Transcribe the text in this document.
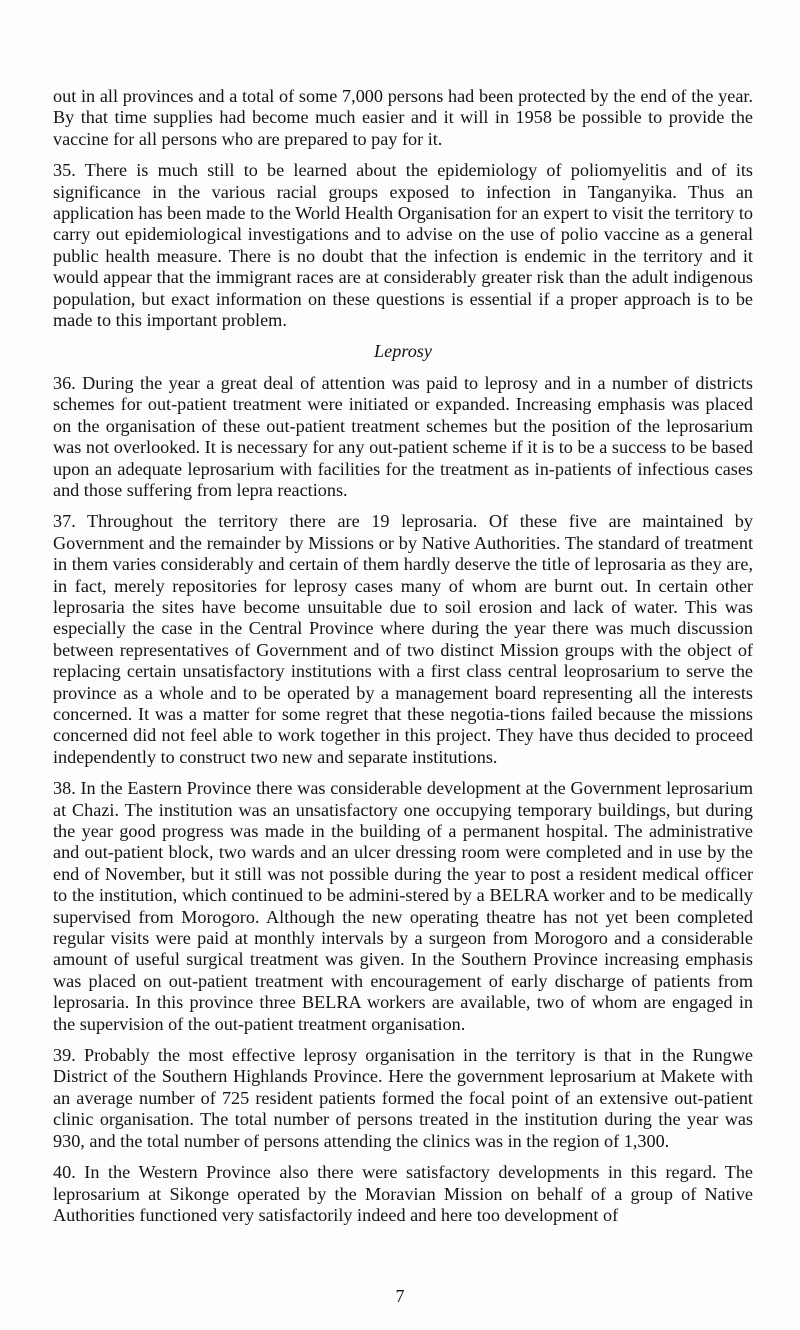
out in all provinces and a total of some 7,000 persons had been protected by the end of the year. By that time supplies had become much easier and it will in 1958 be possible to provide the vaccine for all persons who are prepared to pay for it.

35. There is much still to be learned about the epidemiology of poliomyelitis and of its significance in the various racial groups exposed to infection in Tanganyika. Thus an application has been made to the World Health Organisation for an expert to visit the territory to carry out epidemiological investigations and to advise on the use of polio vaccine as a general public health measure. There is no doubt that the infection is endemic in the territory and it would appear that the immigrant races are at considerably greater risk than the adult indigenous population, but exact information on these questions is essential if a proper approach is to be made to this important problem.

Leprosy

36. During the year a great deal of attention was paid to leprosy and in a number of districts schemes for out-patient treatment were initiated or expanded. Increasing emphasis was placed on the organisation of these out-patient treatment schemes but the position of the leprosarium was not overlooked. It is necessary for any out-patient scheme if it is to be a success to be based upon an adequate leprosarium with facilities for the treatment as in-patients of infectious cases and those suffering from lepra reactions.

37. Throughout the territory there are 19 leprosaria. Of these five are maintained by Government and the remainder by Missions or by Native Authorities. The standard of treatment in them varies considerably and certain of them hardly deserve the title of leprosaria as they are, in fact, merely repositories for leprosy cases many of whom are burnt out. In certain other leprosaria the sites have become unsuitable due to soil erosion and lack of water. This was especially the case in the Central Province where during the year there was much discussion between representatives of Government and of two distinct Mission groups with the object of replacing certain unsatisfactory institutions with a first class central leoprosarium to serve the province as a whole and to be operated by a management board representing all the interests concerned. It was a matter for some regret that these negotia-tions failed because the missions concerned did not feel able to work together in this project. They have thus decided to proceed independently to construct two new and separate institutions.

38. In the Eastern Province there was considerable development at the Government leprosarium at Chazi. The institution was an unsatisfactory one occupying temporary buildings, but during the year good progress was made in the building of a permanent hospital. The administrative and out-patient block, two wards and an ulcer dressing room were completed and in use by the end of November, but it still was not possible during the year to post a resident medical officer to the institution, which continued to be admini-stered by a BELRA worker and to be medically supervised from Morogoro. Although the new operating theatre has not yet been completed regular visits were paid at monthly intervals by a surgeon from Morogoro and a considerable amount of useful surgical treatment was given. In the Southern Province increasing emphasis was placed on out-patient treatment with encouragement of early discharge of patients from leprosaria. In this province three BELRA workers are available, two of whom are engaged in the supervision of the out-patient treatment organisation.

39. Probably the most effective leprosy organisation in the territory is that in the Rungwe District of the Southern Highlands Province. Here the government leprosarium at Makete with an average number of 725 resident patients formed the focal point of an extensive out-patient clinic organisation. The total number of persons treated in the institution during the year was 930, and the total number of persons attending the clinics was in the region of 1,300.

40. In the Western Province also there were satisfactory developments in this regard. The leprosarium at Sikonge operated by the Moravian Mission on behalf of a group of Native Authorities functioned very satisfactorily indeed and here too development of

7
